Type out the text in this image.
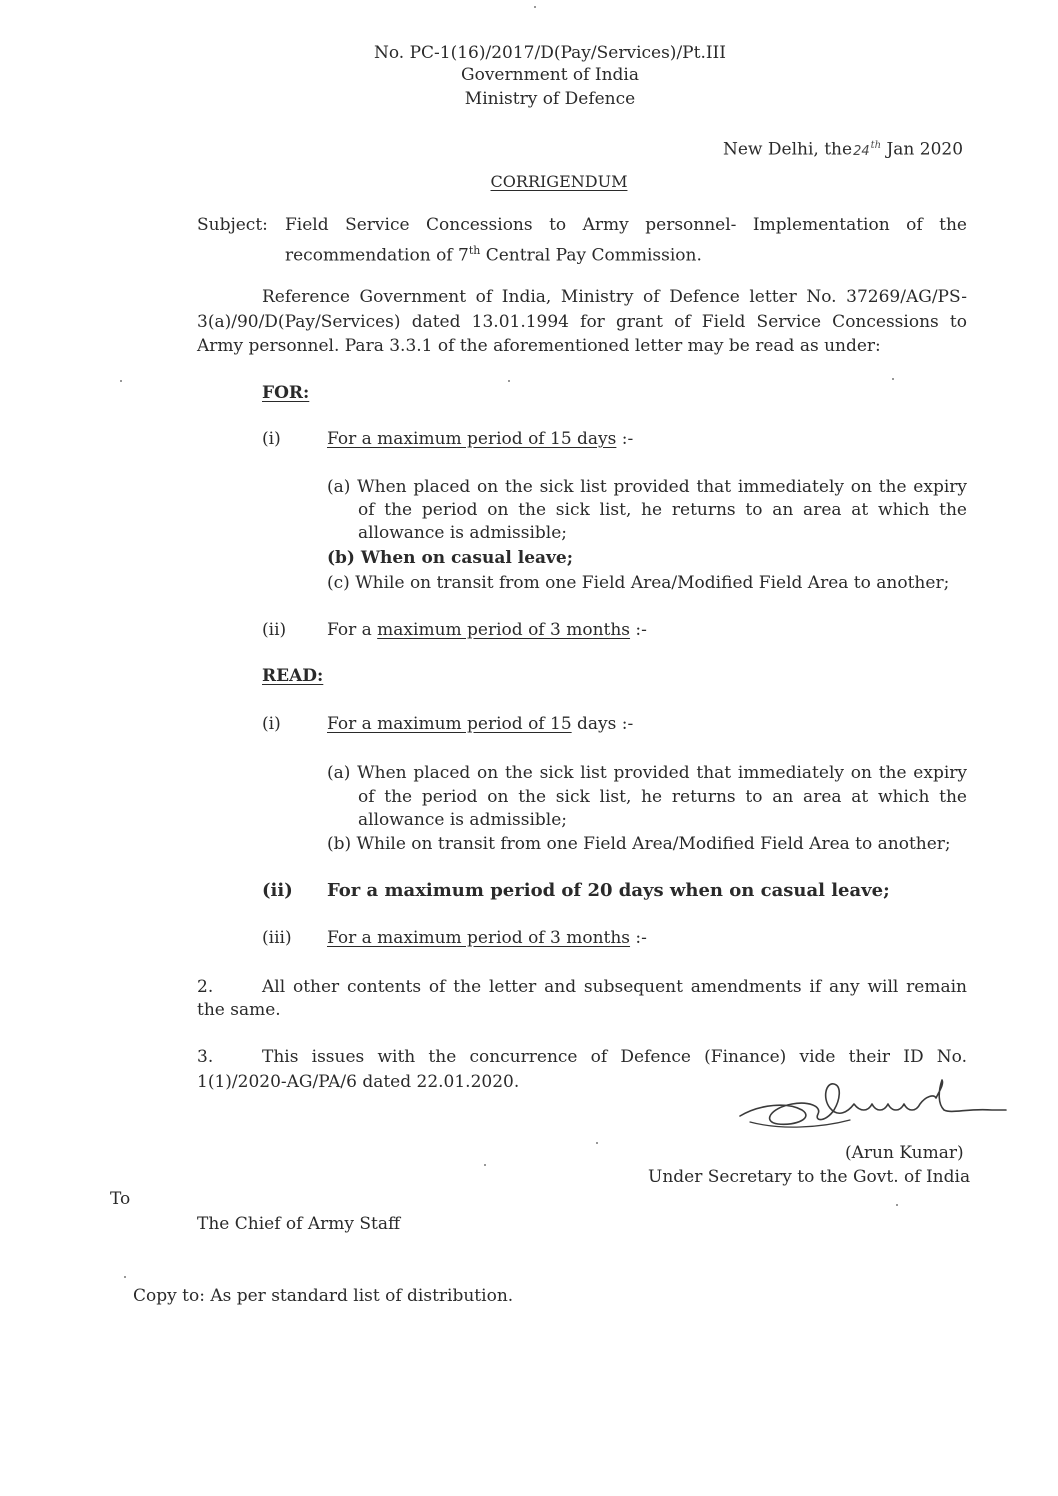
No. PC-1(16)/2017/D(Pay/Services)/Pt.III

Government of India

Ministry of Defence

New Delhi, the24th Jan 2020

CORRIGENDUM

Subject: Field Service Concessions to Army personnel- Implementation of the

recommendation of 7th Central Pay Commission.

Reference Government of India, Ministry of Defence letter No. 37269/AG/PS-

3(a)/90/D(Pay/Services) dated 13.01.1994 for grant of Field Service Concessions to

Army personnel. Para 3.3.1 of the aforementioned letter may be read as under:

FOR:

(i)	For a maximum period of 15 days :-

(a) When placed on the sick list provided that immediately on the expiry

of the period on the sick list, he returns to an area at which the

allowance is admissible;

(b) When on casual leave;

(c) While on transit from one Field Area/Modified Field Area to another;

(ii) For a maximum period of 3 months :-

READ:

(i)	For a maximum period of 15 days :-

(a) When placed on the sick list provided that immediately on the expiry

of the period on the sick list, he returns to an area at which the

allowance is admissible;

(b) While on transit from one Field Area/Modified Field Area to another;

(ii) For a maximum period of 20 days when on casual leave;

(iii) For a maximum period of 3 months :-

2.	All other contents of the letter and subsequent amendments if any will remain

the same.

3.	This issues with the concurrence of Defence (Finance) vide their ID No.

1(1)/2020-AG/PA/6 dated 22.01.2020.

(Arun Kumar)

Under Secretary to the Govt. of India

To

The Chief of Army Staff

Copy to: As per standard list of distribution.
